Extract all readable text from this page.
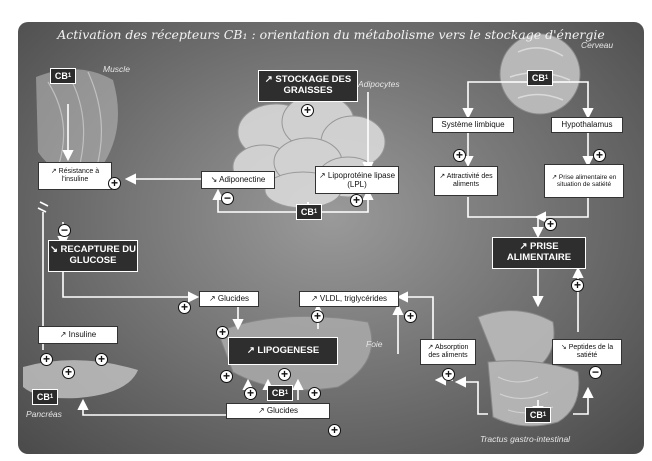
Activation des récepteurs CB₁ : orientation du métabolisme vers le stockage d'énergie
Muscle
Adipocytes
Cerveau
Foie
Pancréas
Tractus gastro-intestinal
CB 1
CB 1
CB 1
CB 1
CB 1
CB 1
↗ STOCKAGE DES GRAISSES
↘ RECAPTURE DU GLUCOSE
↗ LIPOGENESE
↗ PRISE ALIMENTAIRE
↗ Résistance à l'insuline	↘ Adiponectine
↗ Lipoprotéine lipase (LPL)
↗ Glucides	↗ VLDL, triglycérides
↗ Insuline
↗ Glucides
Système limbique	Hypothalamus
↗ Attractivité des aliments
↗ Prise alimentaire en situation de satiété
↗ Absorption des aliments
↘ Peptides de la satiété
+
+
−	+
−
+
+
+
+	+
+	+
+
+
+
+
+	+
+
+
+
+	−
